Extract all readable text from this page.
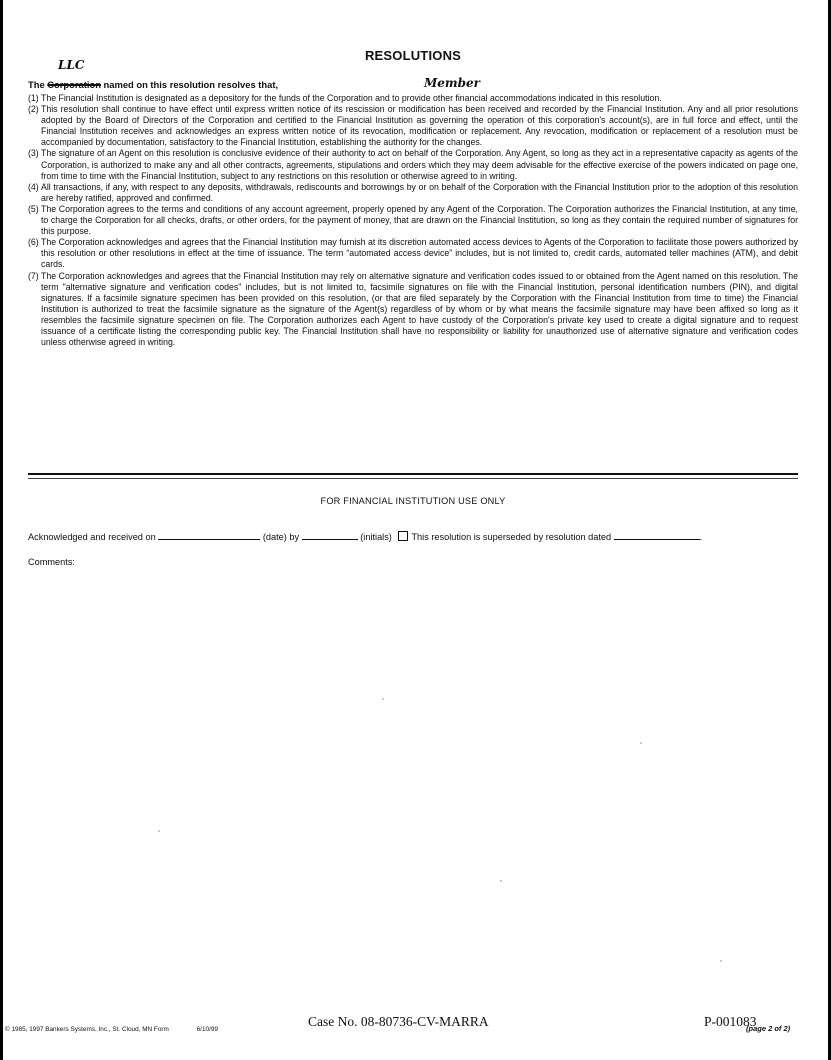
RESOLUTIONS
LLC
Member
The Corporation named on this resolution resolves that,
(1) The Financial Institution is designated as a depository for the funds of the Corporation and to provide other financial accommodations indicated in this resolution.
(2) This resolution shall continue to have effect until express written notice of its rescission or modification has been received and recorded by the Financial Institution. Any and all prior resolutions adopted by the Board of Directors of the Corporation and certified to the Financial Institution as governing the operation of this corporation's account(s), are in full force and effect, until the Financial Institution receives and acknowledges an express written notice of its revocation, modification or replacement. Any revocation, modification or replacement of a resolution must be accompanied by documentation, satisfactory to the Financial Institution, establishing the authority for the changes.
(3) The signature of an Agent on this resolution is conclusive evidence of their authority to act on behalf of the Corporation. Any Agent, so long as they act in a representative capacity as agents of the Corporation, is authorized to make any and all other contracts, agreements, stipulations and orders which they may deem advisable for the effective exercise of the powers indicated on page one, from time to time with the Financial Institution, subject to any restrictions on this resolution or otherwise agreed to in writing.
(4) All transactions, if any, with respect to any deposits, withdrawals, rediscounts and borrowings by or on behalf of the Corporation with the Financial Institution prior to the adoption of this resolution are hereby ratified, approved and confirmed.
(5) The Corporation agrees to the terms and conditions of any account agreement, properly opened by any Agent of the Corporation. The Corporation authorizes the Financial Institution, at any time, to charge the Corporation for all checks, drafts, or other orders, for the payment of money, that are drawn on the Financial Institution, so long as they contain the required number of signatures for this purpose.
(6) The Corporation acknowledges and agrees that the Financial Institution may furnish at its discretion automated access devices to Agents of the Corporation to facilitate those powers authorized by this resolution or other resolutions in effect at the time of issuance. The term “automated access device” includes, but is not limited to, credit cards, automated teller machines (ATM), and debit cards.
(7) The Corporation acknowledges and agrees that the Financial Institution may rely on alternative signature and verification codes issued to or obtained from the Agent named on this resolution. The term "alternative signature and verification codes" includes, but is not limited to, facsimile signatures on file with the Financial Institution, personal identification numbers (PIN), and digital signatures. If a facsimile signature specimen has been provided on this resolution, (or that are filed separately by the Corporation with the Financial Institution from time to time) the Financial Institution is authorized to treat the facsimile signature as the signature of the Agent(s) regardless of by whom or by what means the facsimile signature may have been affixed so long as it resembles the facsimile signature specimen on file. The Corporation authorizes each Agent to have custody of the Corporation's private key used to create a digital signature and to request issuance of a certificate listing the corresponding public key. The Financial Institution shall have no responsibility or liability for unauthorized use of alternative signature and verification codes unless otherwise agreed in writing.
FOR FINANCIAL INSTITUTION USE ONLY
Acknowledged and received on	(date) by	(initials) This resolution is superseded by resolution dated	.
Comments:
© 1985, 1997 Bankers Systems, Inc., St. Cloud, MN Form	6/10/99
Case No. 08-80736-CV-MARRA	P-001083
(page 2 of 2)
